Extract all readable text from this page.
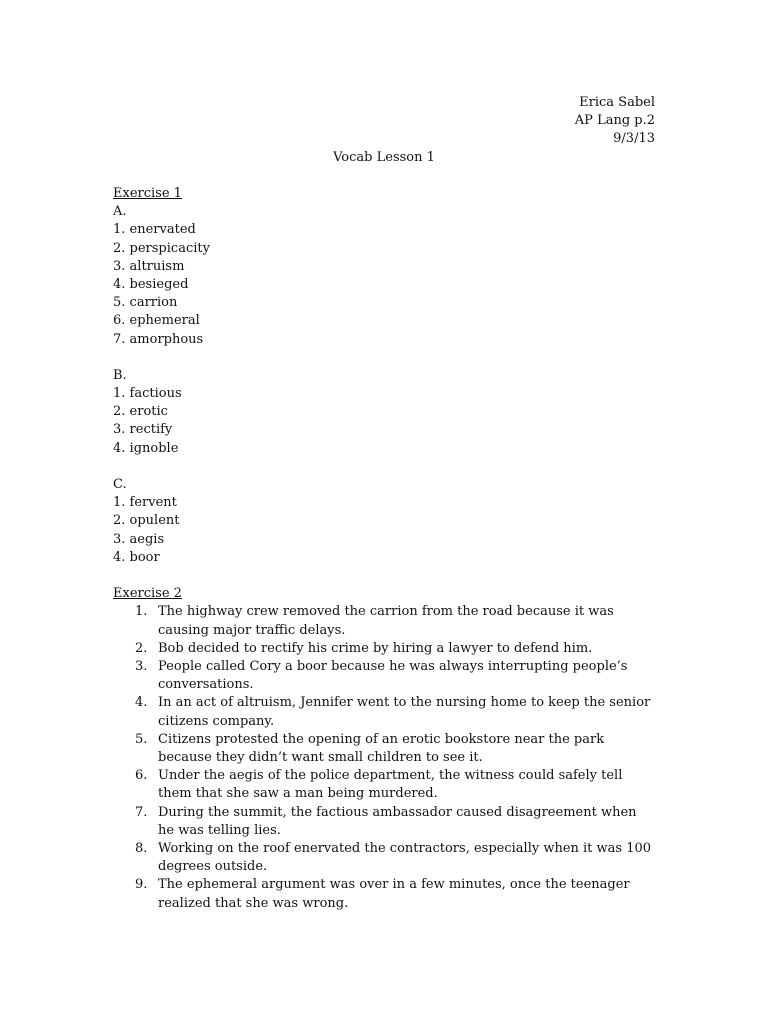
Erica Sabel
AP Lang p.2
9/3/13
Vocab Lesson 1
Exercise 1
A.
1. enervated
2. perspicacity
3. altruism
4. besieged
5. carrion
6. ephemeral
7. amorphous
B.
1. factious
2. erotic
3. rectify
4. ignoble
C.
1. fervent
2. opulent
3. aegis
4. boor
Exercise 2
1. The highway crew removed the carrion from the road because it was causing major traffic delays.
2. Bob decided to rectify his crime by hiring a lawyer to defend him.
3. People called Cory a boor because he was always interrupting people’s conversations.
4. In an act of altruism, Jennifer went to the nursing home to keep the senior citizens company.
5. Citizens protested the opening of an erotic bookstore near the park because they didn’t want small children to see it.
6. Under the aegis of the police department, the witness could safely tell them that she saw a man being murdered.
7. During the summit, the factious ambassador caused disagreement when he was telling lies.
8. Working on the roof enervated the contractors, especially when it was 100 degrees outside.
9. The ephemeral argument was over in a few minutes, once the teenager realized that she was wrong.
